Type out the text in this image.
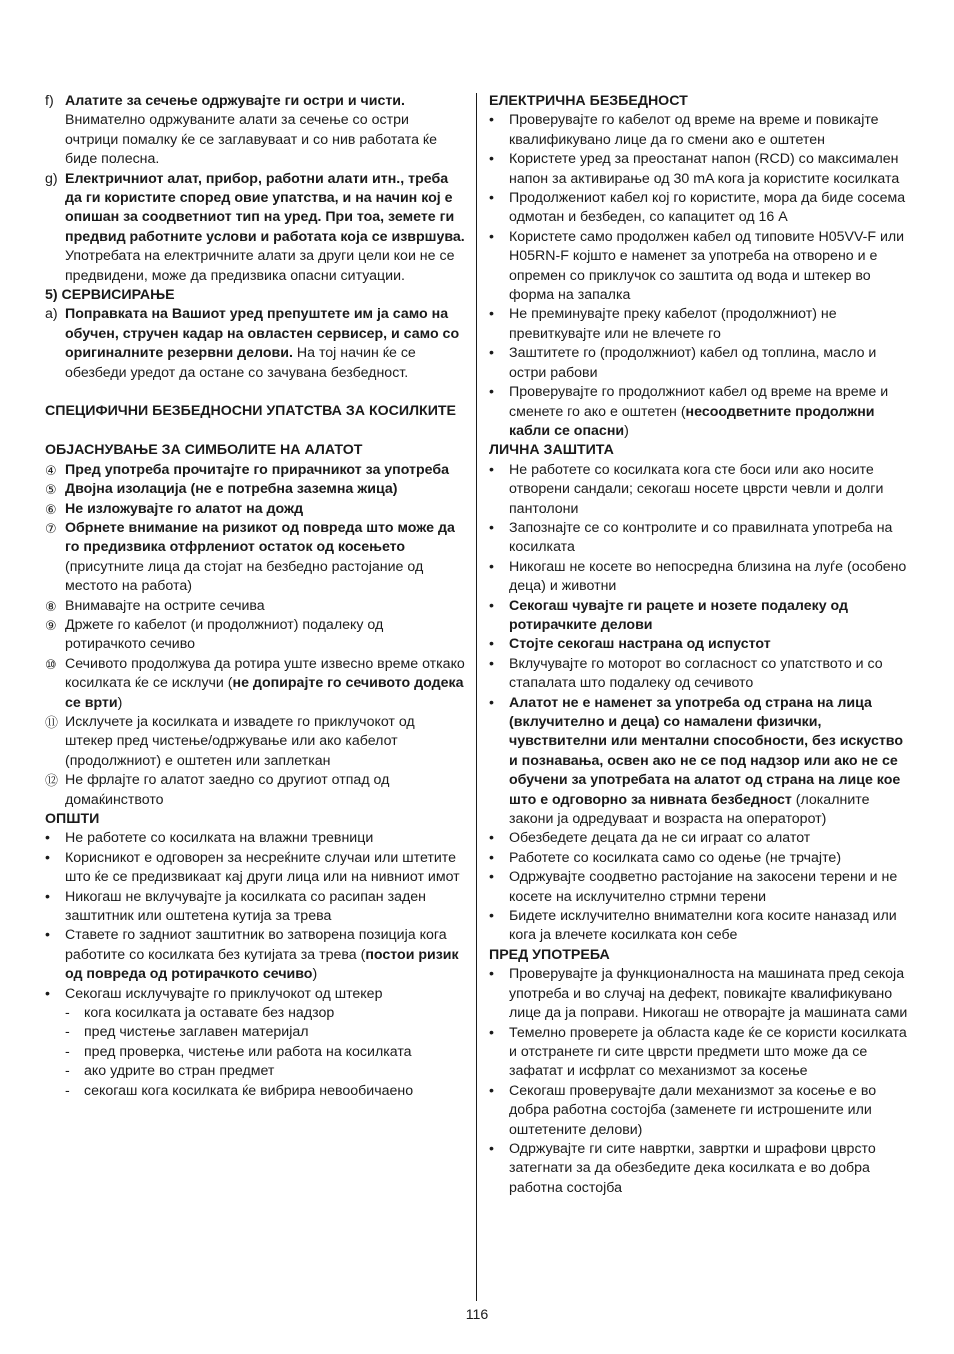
f) Алатите за сечење одржувајте ги остри и чисти. Внимателно одржуваните алати за сечење со остри очтрици помалку ќе се заглавуваат и со нив работата ќе биде полесна.
g) Електричниот алат, прибор, работни алати итн., треба да ги користите според овие упатства, и на начин кој е опишан за соодветниот тип на уред. При тоа, земете ги предвид работните услови и работата која се извршува. Употребата на електричните алати за други цели кои не се предвидени, може да предизвика опасни ситуации.
5) СЕРВИСИРАЊЕ
a) Поправката на Вашиот уред препуштете им ја само на обучен, стручен кадар на овластен сервисер, и само со оригиналните резервни делови. На тој начин ќе се обезбеди уредот да остане со зачувана безбедност.
СПЕЦИФИЧНИ БЕЗБЕДНОСНИ УПАТСТВА ЗА КОСИЛКИТЕ
ОБЈАСНУВАЊЕ ЗА СИМБОЛИТЕ НА АЛАТОТ
④ Пред употреба прочитајте го прирачникот за употреба
⑤ Двојна изолација (не е потребна заземна жица)
⑥ Не изложувајте го алатот на дожд
⑦ Обрнете внимание на ризикот од повреда што може да го предизвика отфрлениот остаток од косењето (присутните лица да стојат на безбедно растојание од местото на работа)
⑧ Внимавајте на острите сечива
⑨ Држете го кабелот (и продолжниот) подалеку од ротирачкото сечиво
⑩ Сечивото продолжува да ротира уште извесно време откако косилката ќе се исклучи (не допирајте го сечивото додека се врти)
⑪ Исклучете ја косилката и извадете го приклучокот од штекер пред чистење/одржување или ако кабелот (продолжниот) е оштетен или заплеткан
⑫ Не фрлајте го алатот заедно со другиот отпад од домаќинството
ОПШТИ
• Не работете со косилката на влажни тревници
• Корисникот е одговорен за несреќните случаи или штетите што ќе се предизвикаат кај други лица или на нивниот имот
• Никогаш не вклучувајте ја косилката со расипан заден заштитник или оштетена кутија за трева
• Ставете го задниот заштитник во затворена позиција кога работите со косилката без кутијата за трева (постои ризик од повреда од ротирачкото сечиво)
• Секогаш исклучувајте го приклучокот од штекер
- кога косилката ја оставате без надзор
- пред чистење заглавен материјал
- пред проверка, чистење или работа на косилката
- ако удрите во стран предмет
- секогаш кога косилката ќе вибрира невообичаено
ЕЛЕКТРИЧНА БЕЗБЕДНОСТ
• Проверувајте го кабелот од време на време и повикајте квалификувано лице да го смени ако е оштетен
• Користете уред за преостанат напон (RCD) со максимален напон за активирање од 30 mA кога ја користите косилката
• Продолжениот кабел кој го користите, мора да биде сосема одмотан и безбеден, со капацитет од 16 A
• Користете само продолжен кабел од типовите H05VV-F или H05RN-F којшто е наменет за употреба на отворено и е опремен со приклучок со заштита од вода и штекер во форма на запалка
• Не преминувајте преку кабелот (продолжниот) не превиткувајте или не влечете го
• Заштитете го (продолжниот) кабел од топлина, масло и остри рабови
• Проверувајте го продолжниот кабел од време на време и сменете го ако е оштетен (несоодветните продолжни кабли се опасни)
ЛИЧНА ЗАШТИТА
• Не работете со косилката кога сте боси или ако носите отворени сандали; секогаш носете цврсти чевли и долги пантолони
• Запознајте се со контролите и со правилната употреба на косилката
• Никогаш не косете во непосредна близина на луѓе (особено деца) и животни
• Секогаш чувајте ги рацете и нозете подалеку од ротирачките делови
• Стојте секогаш настрана од испустот
• Вклучувајте го моторот во согласност со упатството и со стапалата што подалеку од сечивото
• Алатот не е наменет за употреба од страна на лица (вклучително и деца) со намалени физички, чувствителни или ментални способности, без искуство и познавања, освен ако не се под надзор или ако не се обучени за употребата на алатот од страна на лице кое што е одговорно за нивната безбедност (локалните закони ја одредуваат и возраста на операторот)
• Обезбедете децата да не си играат со алатот
• Работете со косилката само со одење (не трчајте)
• Одржувајте соодветно растојание на закосени терени и не косете на исклучително стрмни терени
• Бидете исклучително внимателни кога косите наназад или кога ја влечете косилката кон себе
ПРЕД УПОТРЕБА
• Проверувајте ја функционалноста на машината пред секоја употреба и во случај на дефект, повикајте квалификувано лице да ја поправи. Никогаш не отворајте ја машината сами
• Темелно проверете ја областа каде ќе се користи косилката и отстранете ги сите цврсти предмети што може да се зафатат и исфрлат со механизмот за косење
• Секогаш проверувајте дали механизмот за косење е во добра работна состојба (заменете ги истрошените или оштетените делови)
• Одржувајте ги сите навртки, завртки и шрафови цврсто затегнати за да обезбедите дека косилката е во добра работна состојба
116
